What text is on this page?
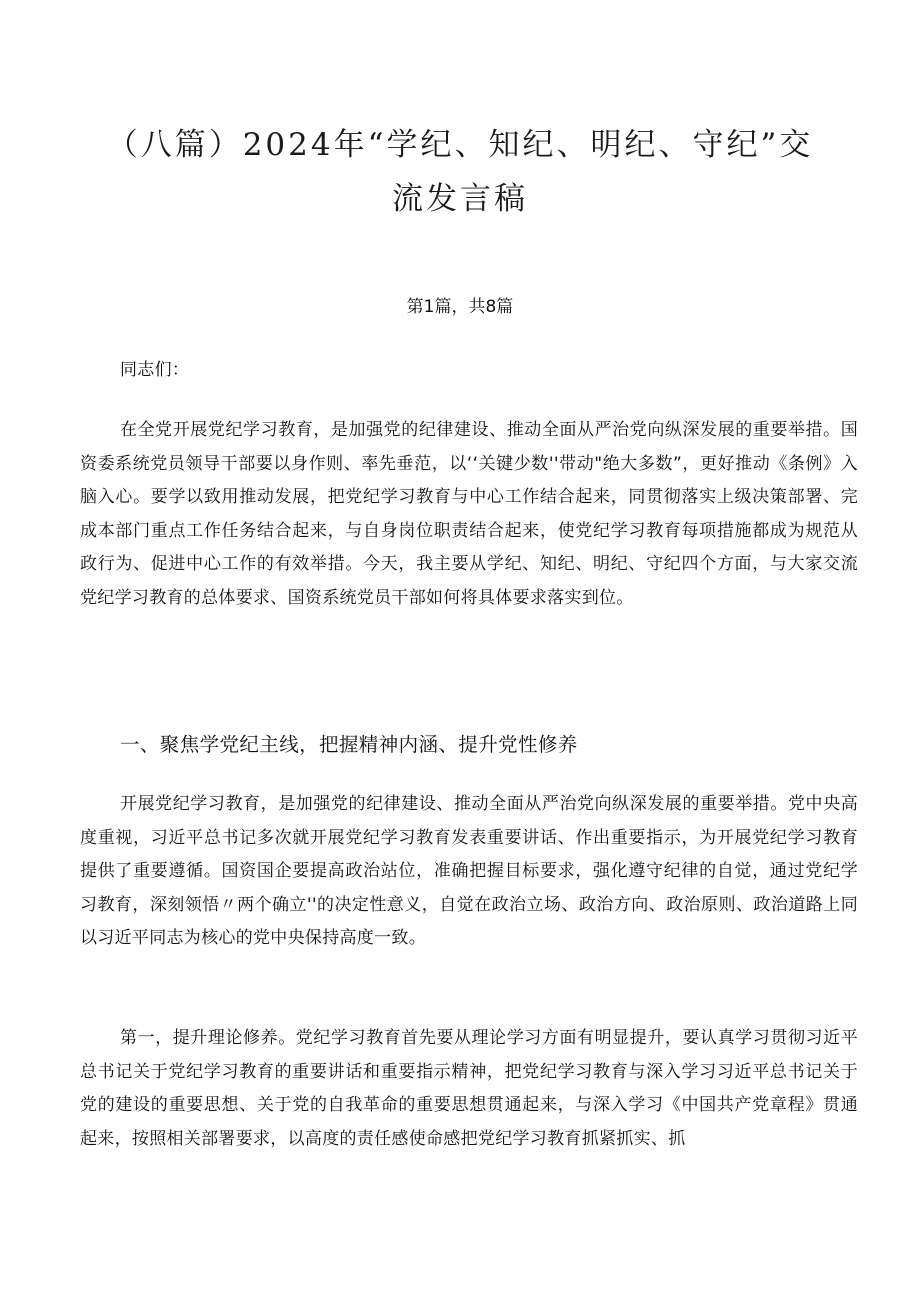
（八篇）2024年“学纪、知纪、明纪、守纪”交流发言稿
第1篇，共8篇
同志们：
在全党开展党纪学习教育，是加强党的纪律建设、推动全面从严治党向纵深发展的重要举措。国资委系统党员领导干部要以身作则、率先垂范，以‘‘关键少数''带动"绝大多数”，更好推动《条例》入脑入心。要学以致用推动发展，把党纪学习教育与中心工作结合起来，同贯彻落实上级决策部署、完成本部门重点工作任务结合起来，与自身岗位职责结合起来，使党纪学习教育每项措施都成为规范从政行为、促进中心工作的有效举措。今天，我主要从学纪、知纪、明纪、守纪四个方面，与大家交流党纪学习教育的总体要求、国资系统党员干部如何将具体要求落实到位。
一、聚焦学党纪主线，把握精神内涵、提升党性修养
开展党纪学习教育，是加强党的纪律建设、推动全面从严治党向纵深发展的重要举措。党中央高度重视，习近平总书记多次就开展党纪学习教育发表重要讲话、作出重要指示，为开展党纪学习教育提供了重要遵循。国资国企要提高政治站位，准确把握目标要求，强化遵守纪律的自觉，通过党纪学习教育，深刻领悟〃两个确立''的决定性意义，自觉在政治立场、政治方向、政治原则、政治道路上同以习近平同志为核心的党中央保持高度一致。
第一，提升理论修养。党纪学习教育首先要从理论学习方面有明显提升，要认真学习贯彻习近平总书记关于党纪学习教育的重要讲话和重要指示精神，把党纪学习教育与深入学习习近平总书记关于党的建设的重要思想、关于党的自我革命的重要思想贯通起来，与深入学习《中国共产党章程》贯通起来，按照相关部署要求，以高度的责任感使命感把党纪学习教育抓紧抓实、抓
